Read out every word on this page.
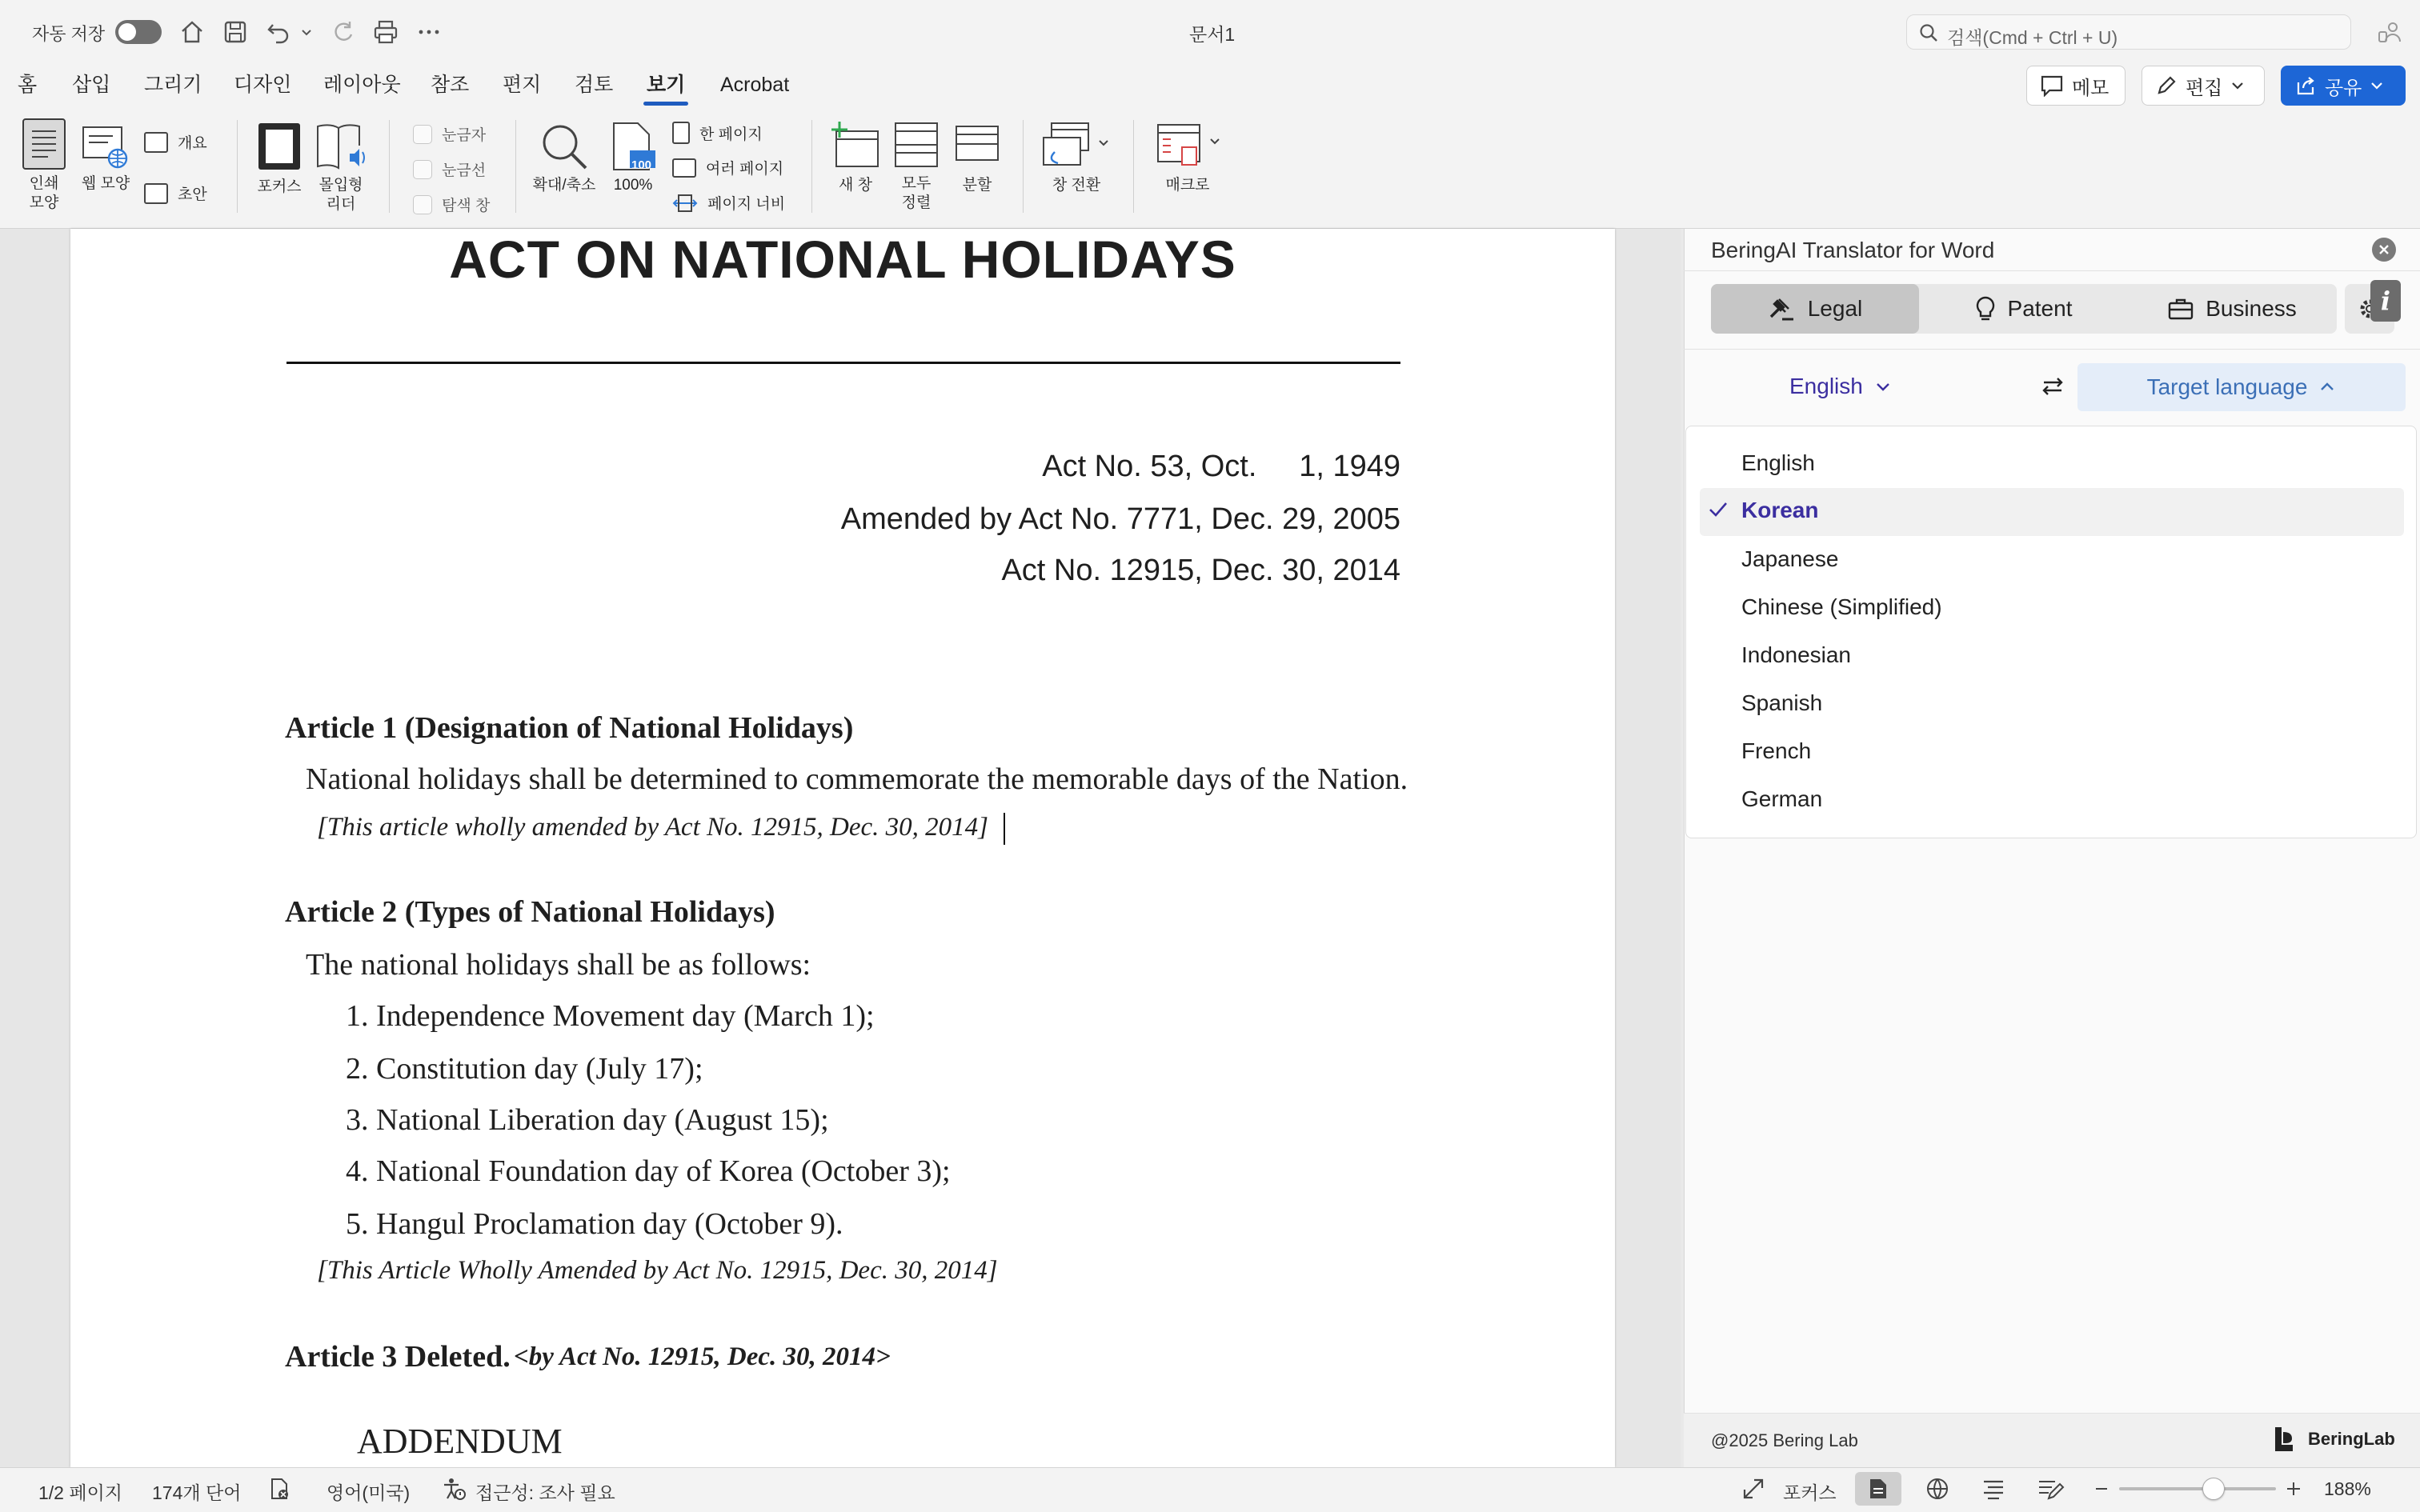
자동 저장	문서1	검색(Cmd + Ctrl + U)
홈 삽입 그리기 디자인 레이아웃 참조 편지 검토 보기 Acrobat	메모	편집	공유
인쇄
모양
웹 모양
개요
초안	포커스 몰입형
리더
눈금자
눈금선
탐색 창
확대/축소
100
100%
한 페이지
여러 페이지
페이지 너비
새 창 모두
정렬
분할	창 전환	매크로
ACT ON NATIONAL HOLIDAYS
Act No. 53, Oct.     1, 1949
Amended by Act No. 7771, Dec. 29, 2005
Act No. 12915, Dec. 30, 2014
Article 1 (Designation of National Holidays)
National holidays shall be determined to commemorate the memorable days of the Nation.
[This article wholly amended by Act No. 12915, Dec. 30, 2014]
Article 2 (Types of National Holidays)
The national holidays shall be as follows:
1. Independence Movement day (March 1);
2. Constitution day (July 17);
3. National Liberation day (August 15);
4. National Foundation day of Korea (October 3);
5. Hangul Proclamation day (October 9).
[This Article Wholly Amended by Act No. 12915, Dec. 30, 2014]
Article 3 Deleted. <by Act No. 12915, Dec. 30, 2014>
ADDENDUM
BeringAI Translator for Word
Legal	Patent	Business	i
English	Target language
English
Korean
Japanese
Chinese (Simplified)
Indonesian
Spanish
French
German
@2025 Bering Lab	BeringLab
1/2 페이지 174개 단어	영어(미국)	접근성: 조사 필요	포커스	188%
